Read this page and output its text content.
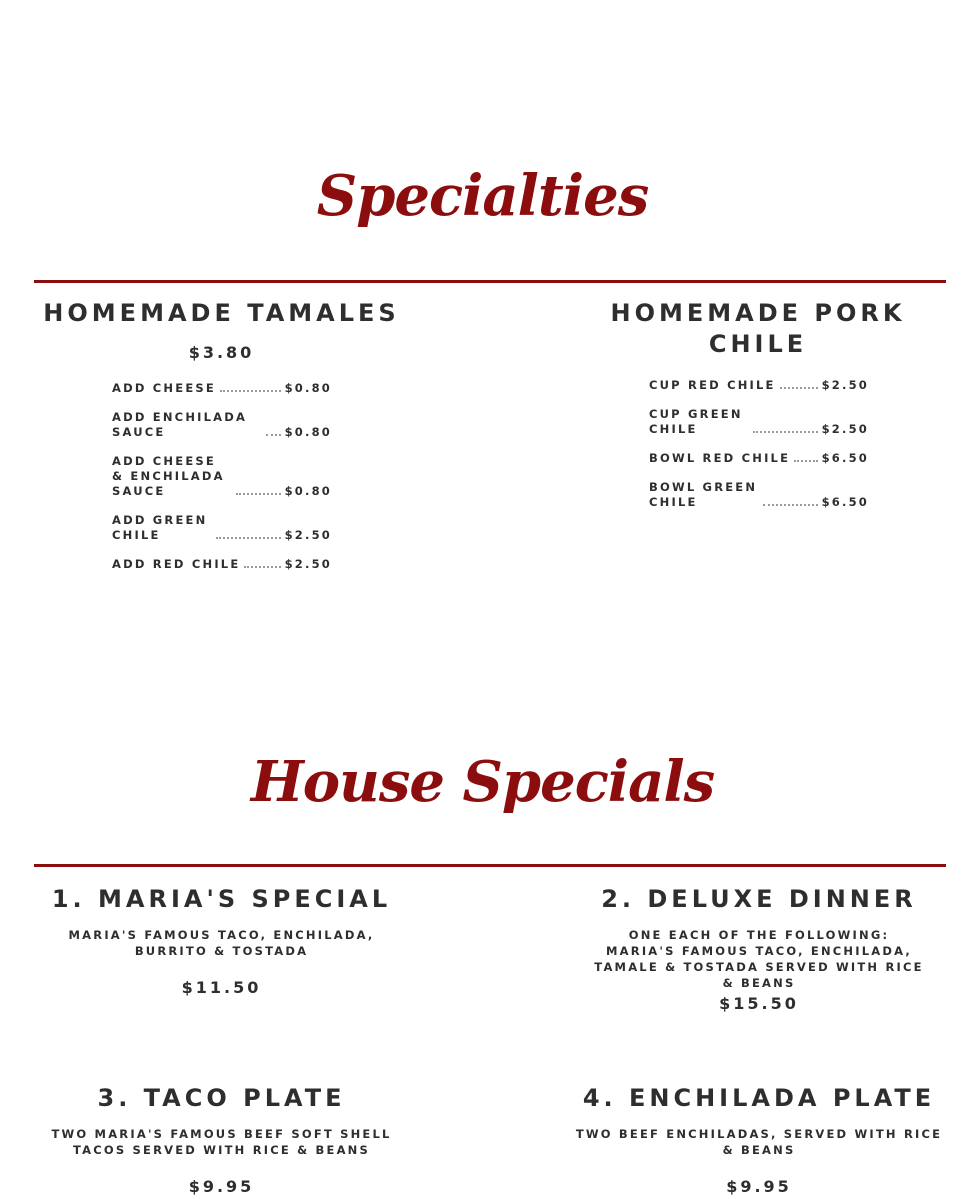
Specialties
HOMEMADE TAMALES
$3.80
ADD CHEESE	$0.80
ADD ENCHILADA SAUCE	$0.80
ADD CHEESE & ENCHILADA SAUCE	$0.80
ADD GREEN CHILE	$2.50
ADD RED CHILE	$2.50
HOMEMADE PORK CHILE
CUP RED CHILE	$2.50
CUP GREEN CHILE	$2.50
BOWL RED CHILE	$6.50
BOWL GREEN CHILE	$6.50
House Specials
1. MARIA'S SPECIAL
MARIA'S FAMOUS TACO, ENCHILADA, BURRITO & TOSTADA
$11.50
2. DELUXE DINNER
ONE EACH OF THE FOLLOWING: MARIA'S FAMOUS TACO, ENCHILADA, TAMALE & TOSTADA SERVED WITH RICE & BEANS
$15.50
3. TACO PLATE
TWO MARIA'S FAMOUS BEEF SOFT SHELL TACOS SERVED WITH RICE & BEANS
$9.95
4. ENCHILADA PLATE
TWO BEEF ENCHILADAS, SERVED WITH RICE & BEANS
$9.95
